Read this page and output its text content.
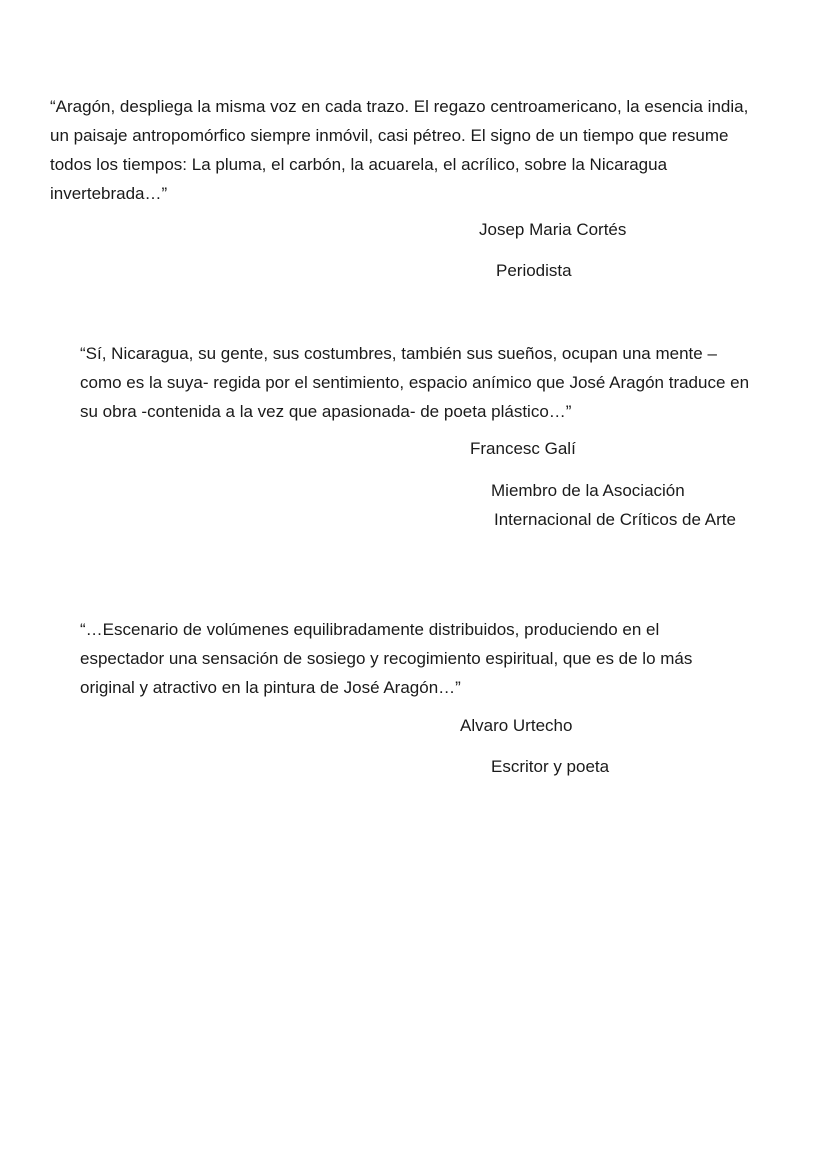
“Aragón, despliega la misma voz en cada trazo. El regazo centroamericano, la esencia india,
un paisaje antropomórfico siempre inmóvil, casi pétreo. El signo de un tiempo que resume
todos los tiempos: La pluma, el carbón, la acuarela, el acrílico, sobre la Nicaragua
invertebrada…”
Josep Maria Cortés
Periodista
“Sí, Nicaragua, su gente, sus costumbres, también sus sueños, ocupan una mente –
como es la suya- regida por el sentimiento, espacio anímico que José Aragón traduce en
su obra -contenida a la vez que apasionada- de poeta plástico…”
Francesc Galí
Miembro de la Asociación
Internacional de Críticos de Arte
“…Escenario de volúmenes equilibradamente distribuidos, produciendo en el
espectador una sensación de sosiego y recogimiento espiritual, que es de lo más
original y atractivo en la pintura de José Aragón…”
Alvaro Urtecho
Escritor y poeta
